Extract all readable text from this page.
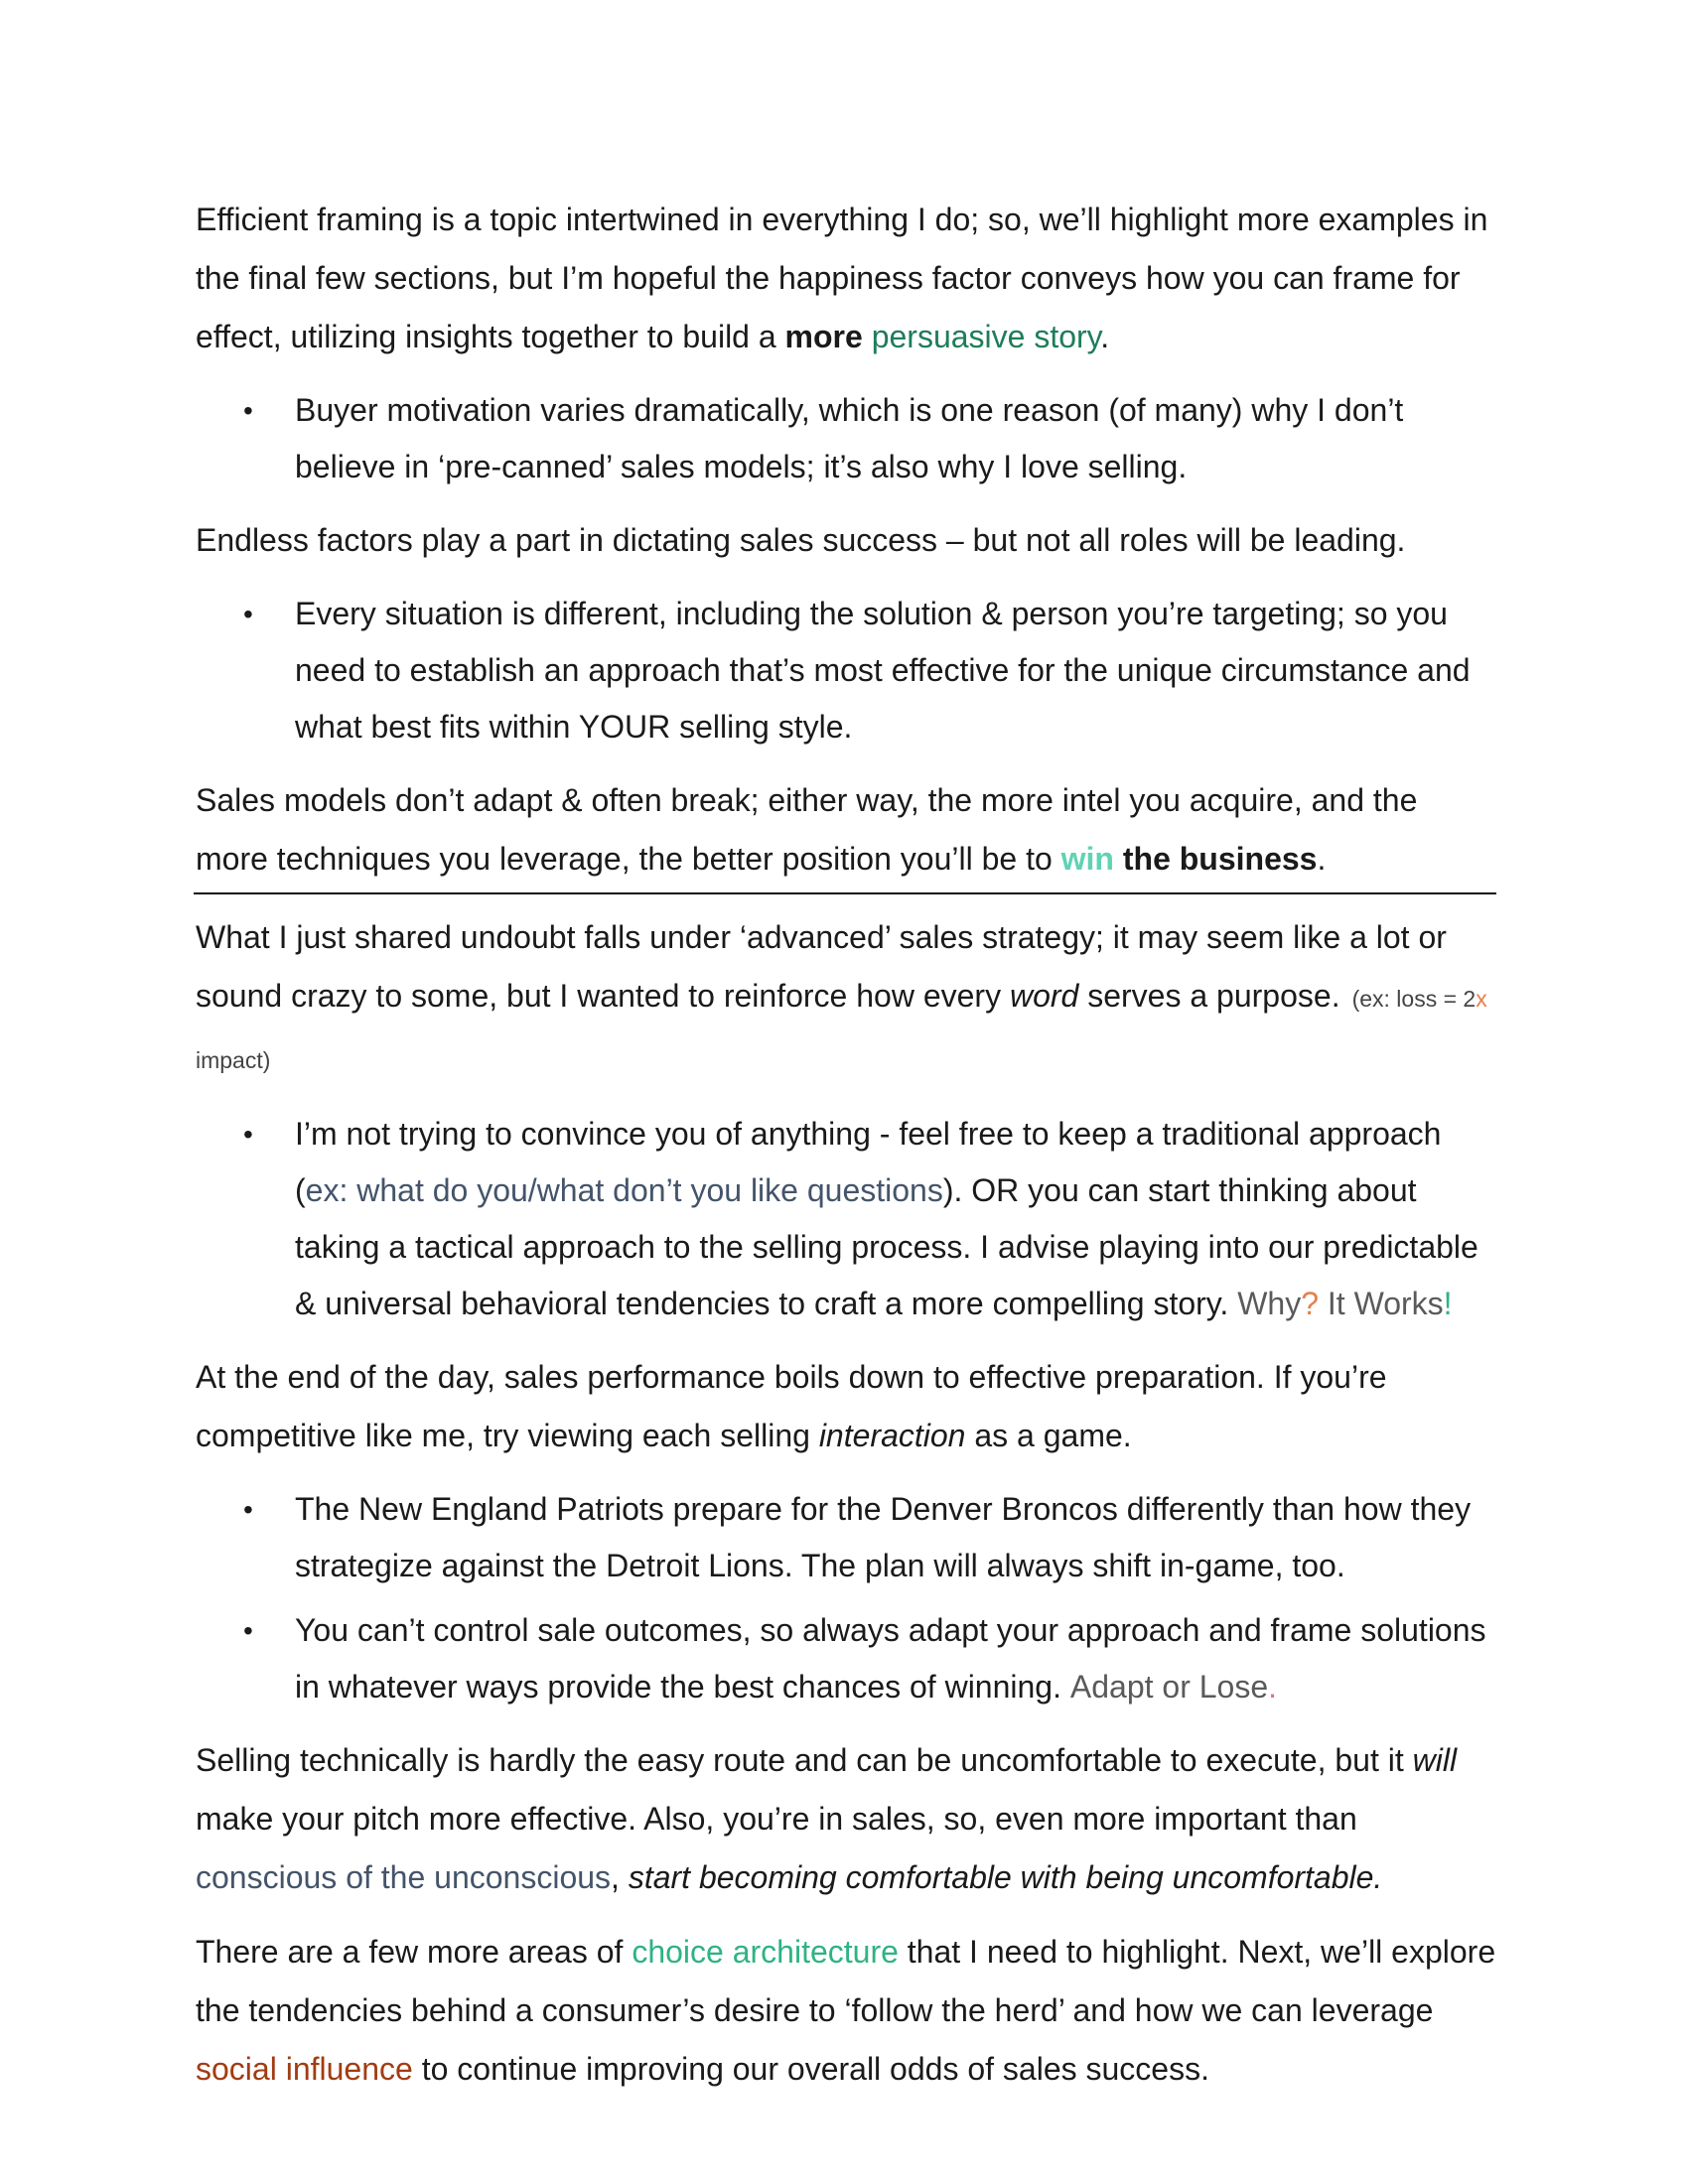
Efficient framing is a topic intertwined in everything I do; so, we’ll highlight more examples in the final few sections, but I’m hopeful the happiness factor conveys how you can frame for effect, utilizing insights together to build a more persuasive story.

• Buyer motivation varies dramatically, which is one reason (of many) why I don’t believe in ‘pre-canned’ sales models; it’s also why I love selling.

Endless factors play a part in dictating sales success – but not all roles will be leading.

• Every situation is different, including the solution & person you’re targeting; so you need to establish an approach that’s most effective for the unique circumstance and what best fits within YOUR selling style.

Sales models don’t adapt & often break; either way, the more intel you acquire, and the more techniques you leverage, the better position you’ll be to win the business.

What I just shared undoubt falls under ‘advanced’ sales strategy; it may seem like a lot or sound crazy to some, but I wanted to reinforce how every word serves a purpose. (ex: loss = 2x impact)

• I’m not trying to convince you of anything - feel free to keep a traditional approach (ex: what do you/what don’t you like questions). OR you can start thinking about taking a tactical approach to the selling process. I advise playing into our predictable & universal behavioral tendencies to craft a more compelling story. Why? It Works!

At the end of the day, sales performance boils down to effective preparation. If you’re competitive like me, try viewing each selling interaction as a game.

• The New England Patriots prepare for the Denver Broncos differently than how they strategize against the Detroit Lions. The plan will always shift in-game, too.
• You can’t control sale outcomes, so always adapt your approach and frame solutions in whatever ways provide the best chances of winning. Adapt or Lose.

Selling technically is hardly the easy route and can be uncomfortable to execute, but it will make your pitch more effective. Also, you’re in sales, so, even more important than conscious of the unconscious, start becoming comfortable with being uncomfortable.

There are a few more areas of choice architecture that I need to highlight. Next, we’ll explore the tendencies behind a consumer’s desire to ‘follow the herd’ and how we can leverage social influence to continue improving our overall odds of sales success.
